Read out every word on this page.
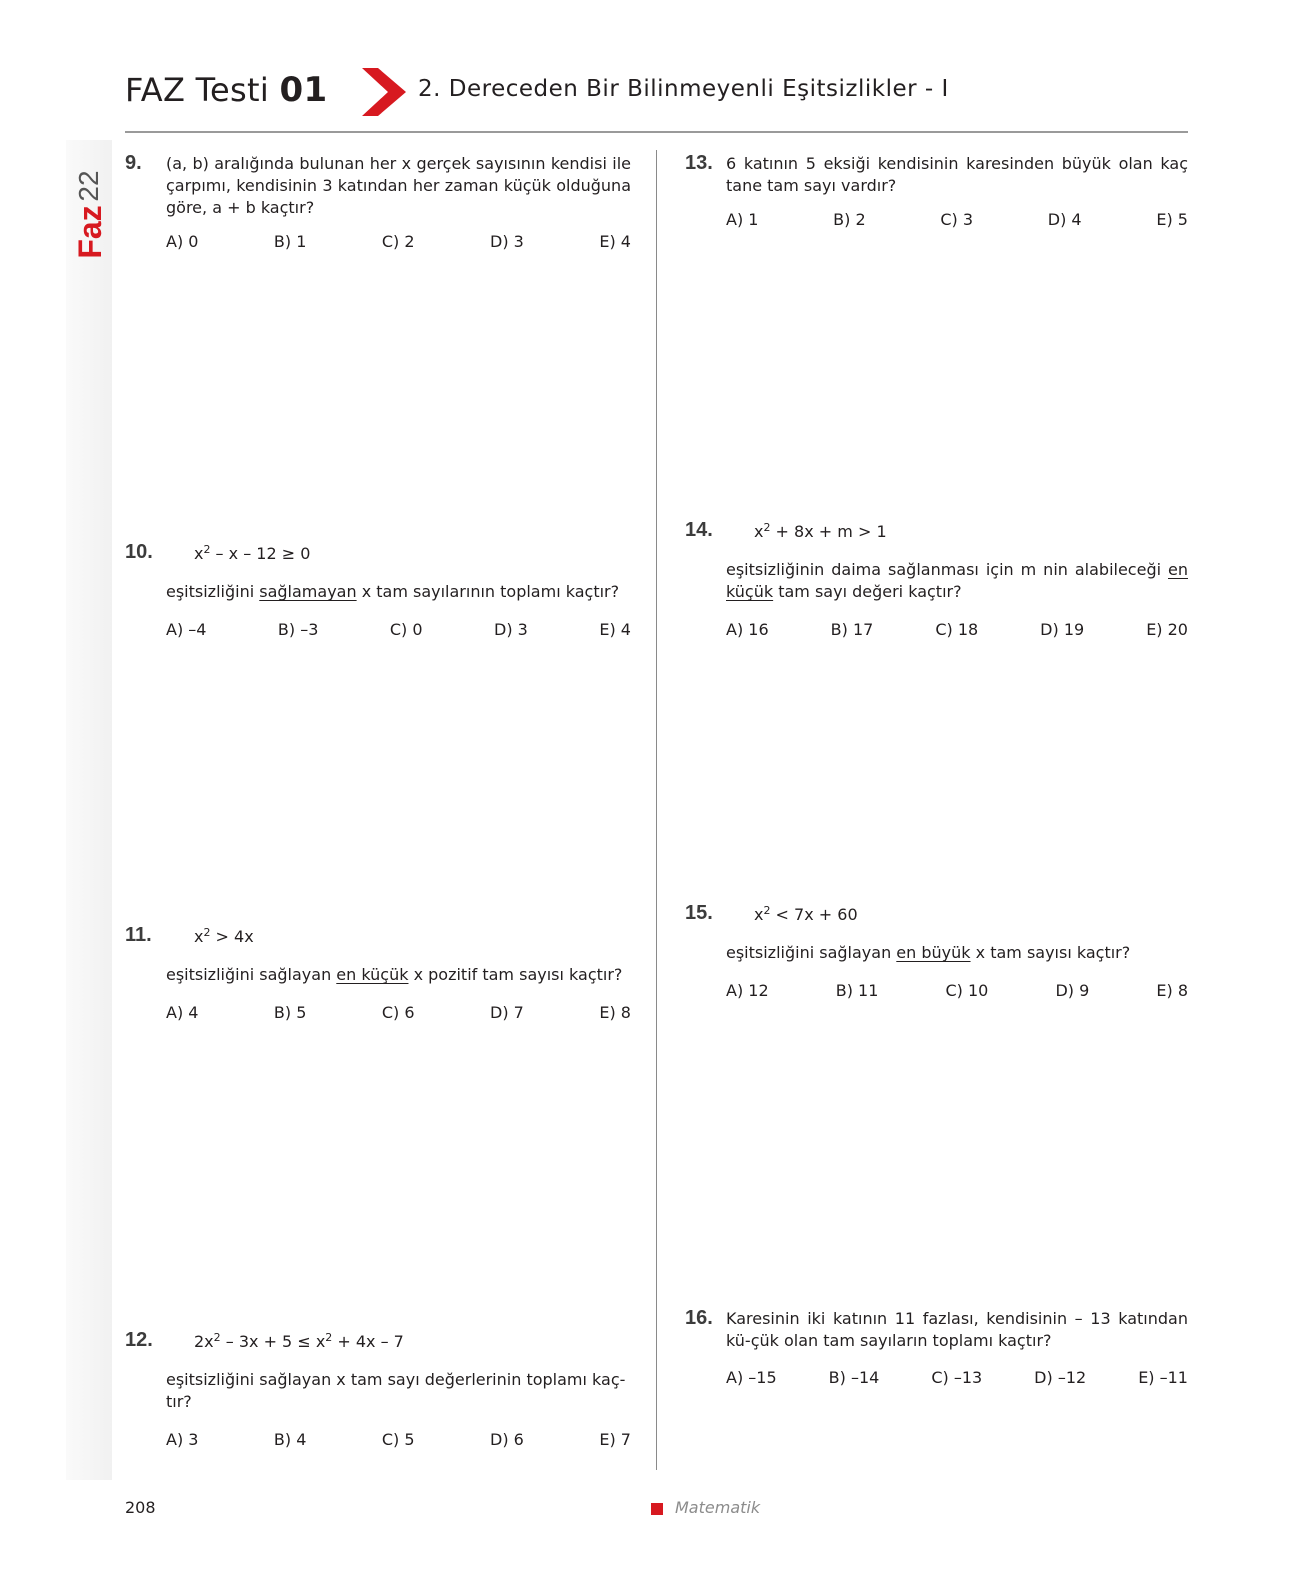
FAZ Testi 01	2. Dereceden Bir Bilinmeyenli Eşitsizlikler - I
22
Faz
9. (a, b) aralığında bulunan her x gerçek sayısının kendisi ile çarpımı, kendisinin 3 katından her zaman küçük olduğuna göre, a + b kaçtır?
A) 0	B) 1	C) 2	D) 3	E) 4
10.	$x^2 - x - 12 \ge 0$
eşitsizliğini sağlamayan x tam sayılarının toplamı kaçtır?
A) –4	B) –3	C) 0	D) 3	E) 4
11.	$x^2 > 4x$
eşitsizliğini sağlayan en küçük x pozitif tam sayısı kaçtır?
A) 4	B) 5	C) 6	D) 7	E) 8
12.	$2x^2 - 3x + 5 \le x^2 + 4x - 7$
eşitsizliğini sağlayan x tam sayı değerlerinin toplamı kaç-
tır?
A) 3	B) 4	C) 5	D) 6	E) 7
13. 6 katının 5 eksiği kendisinin karesinden büyük olan kaç tane tam sayı vardır?
A) 1	B) 2	C) 3	D) 4	E) 5
14.	$x^2 + 8x + m > 1$
eşitsizliğinin daima sağlanması için m nin alabileceği en küçük tam sayı değeri kaçtır?
A) 16	B) 17	C) 18	D) 19	E) 20
15.	$x^2 < 7x + 60$
eşitsizliğini sağlayan en büyük x tam sayısı kaçtır?
A) 12	B) 11	C) 10	D) 9	E) 8
16. Karesinin iki katının 11 fazlası, kendisinin – 13 katından kü-çük olan tam sayıların toplamı kaçtır?
A) –15	B) –14	C) –13	D) –12	E) –11
208	Matematik
